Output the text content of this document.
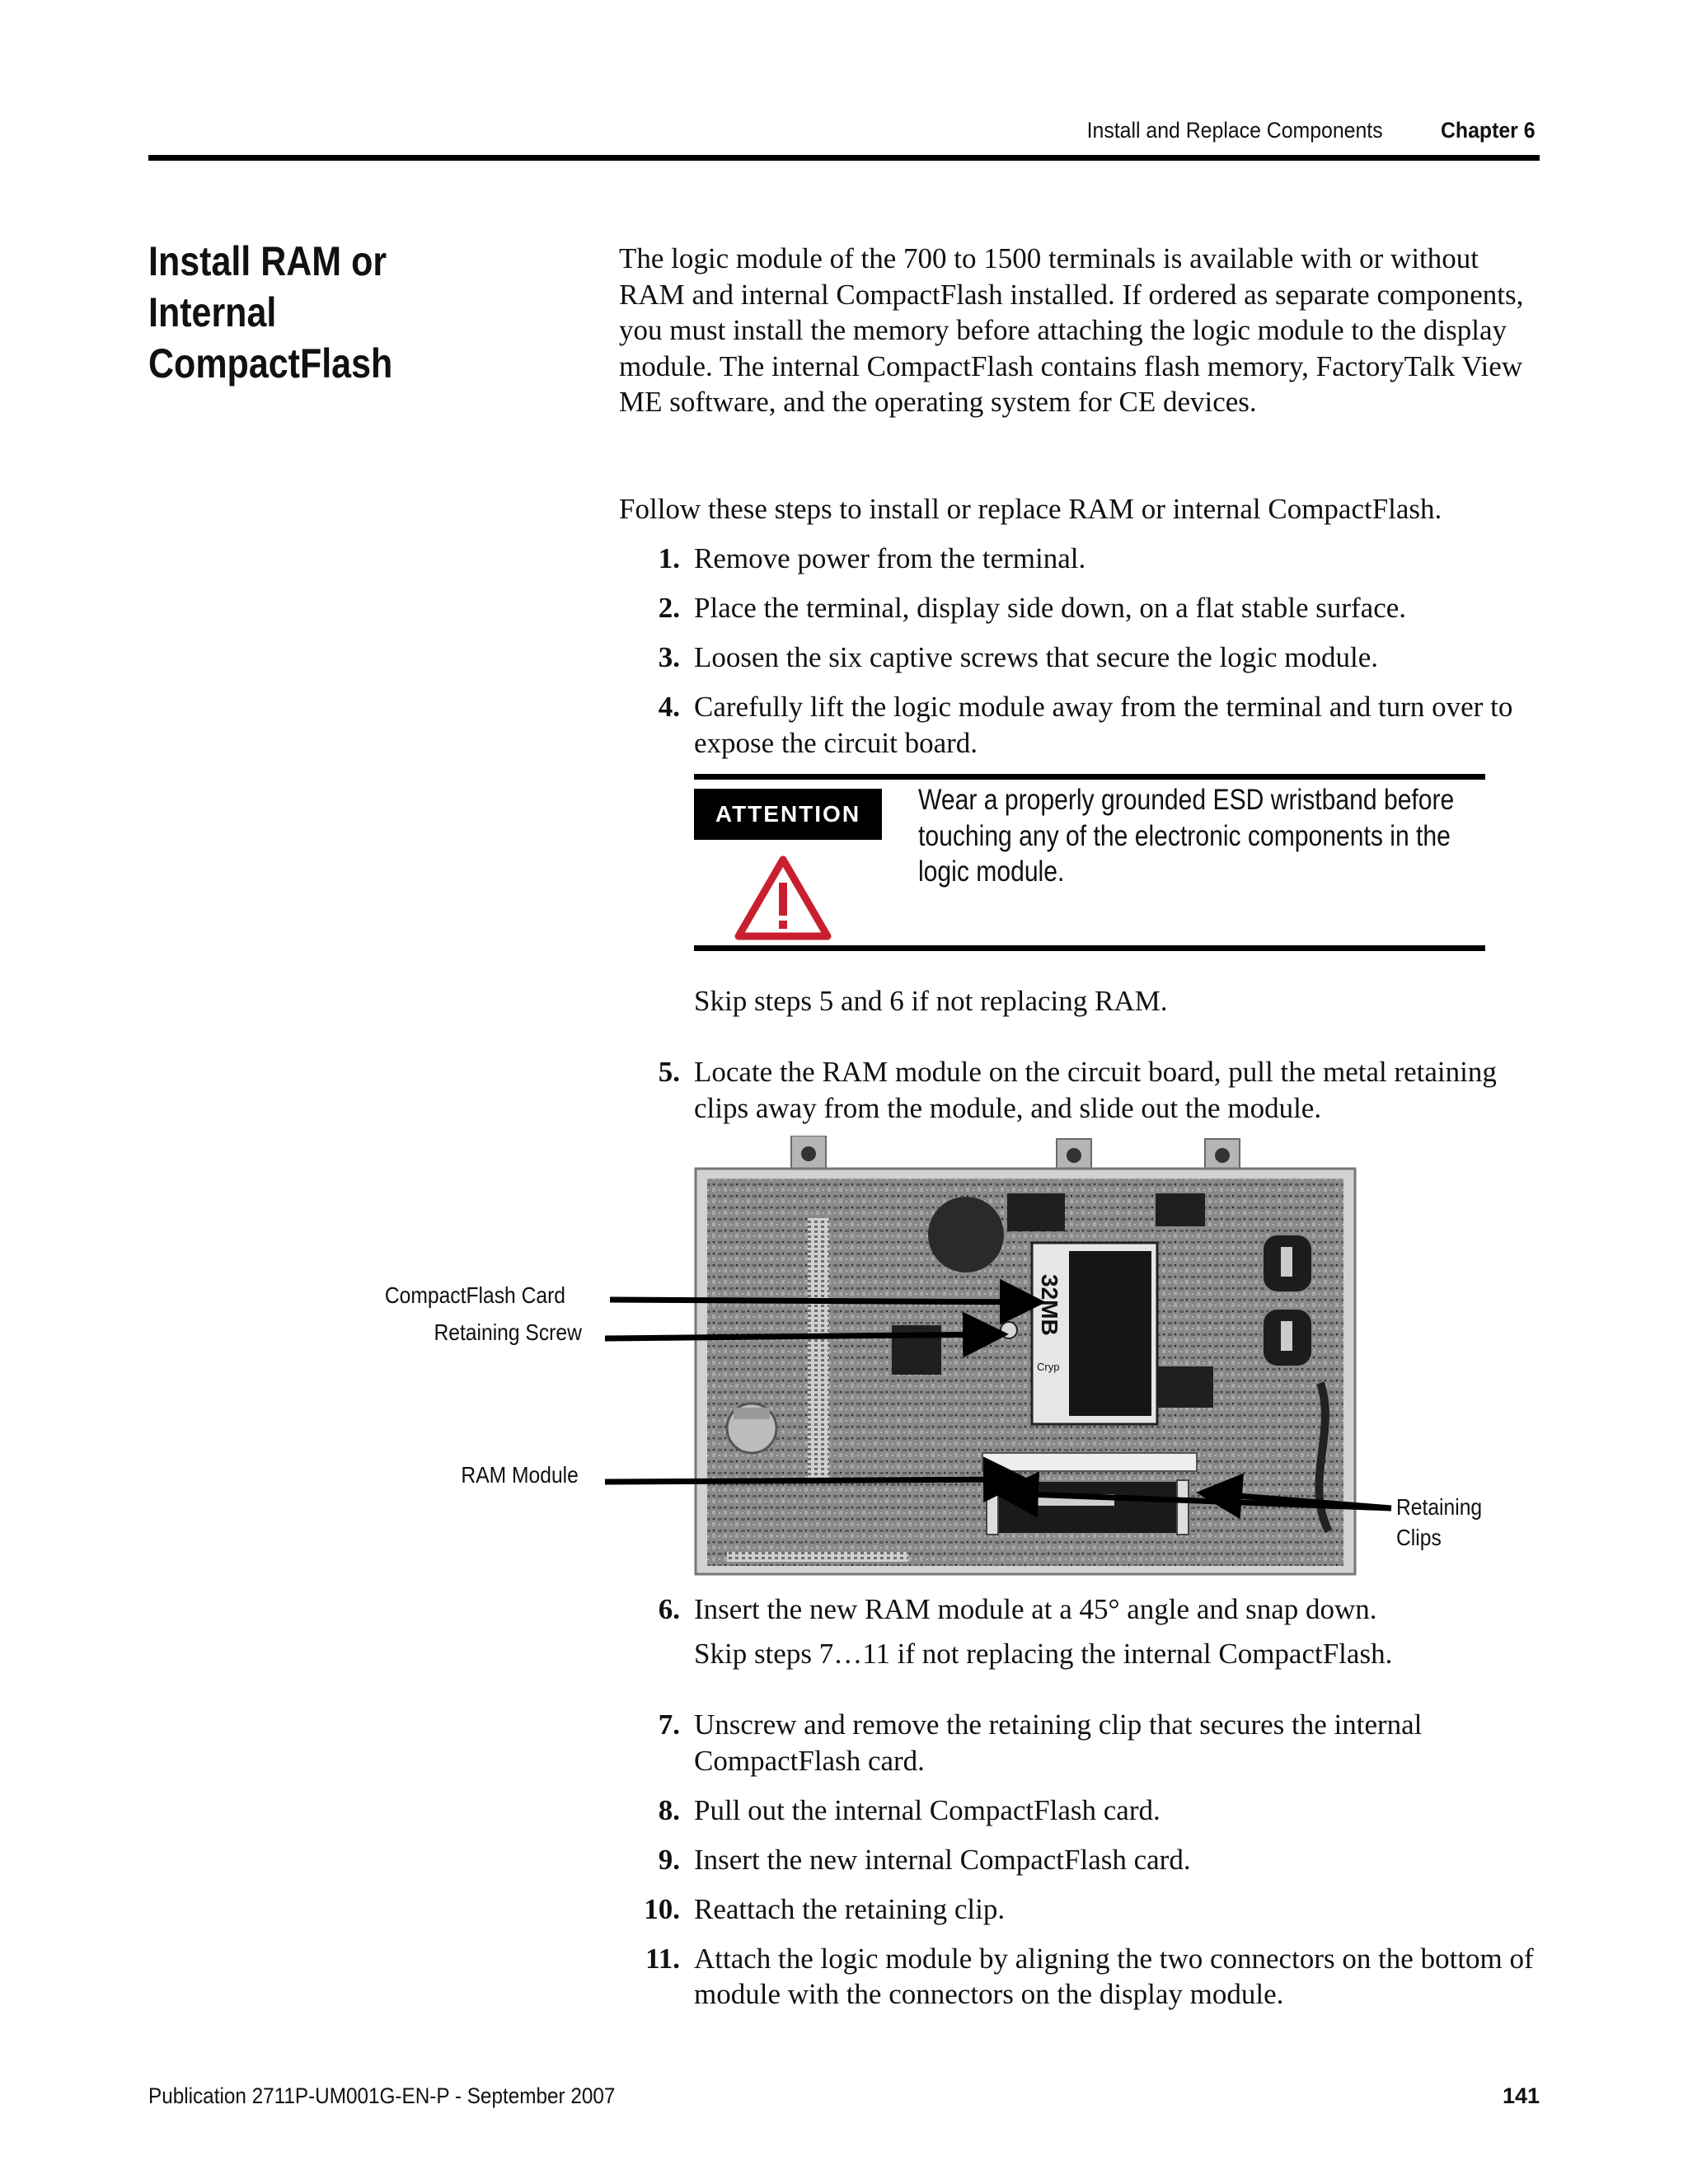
Install and Replace Components	Chapter 6
Install RAM or Internal CompactFlash

The logic module of the 700 to 1500 terminals is available with or without RAM and internal CompactFlash installed. If ordered as separate components, you must install the memory before attaching the logic module to the display module. The internal CompactFlash contains flash memory, FactoryTalk View ME software, and the operating system for CE devices.

Follow these steps to install or replace RAM or internal CompactFlash.

1. Remove power from the terminal.
2. Place the terminal, display side down, on a flat stable surface.
3. Loosen the six captive screws that secure the logic module.
4. Carefully lift the logic module away from the terminal and turn over to expose the circuit board.
ATTENTION	Wear a properly grounded ESD wristband before
touching any of the electronic components in the
logic module.
Skip steps 5 and 6 if not replacing RAM.
5. Locate the RAM module on the circuit board, pull the metal retaining clips away from the module, and slide out the module.
32MB
Cryp
CompactFlash Card
Retaining Screw
RAM Module
Retaining
Clips
6. Insert the new RAM module at a 45° angle and snap down.
Skip steps 7…11 if not replacing the internal CompactFlash.
7. Unscrew and remove the retaining clip that secures the internal CompactFlash card.
8. Pull out the internal CompactFlash card.
9. Insert the new internal CompactFlash card.
10. Reattach the retaining clip.
11. Attach the logic module by aligning the two connectors on the bottom of module with the connectors on the display module.
Publication 2711P-UM001G-EN-P - September 2007	141
